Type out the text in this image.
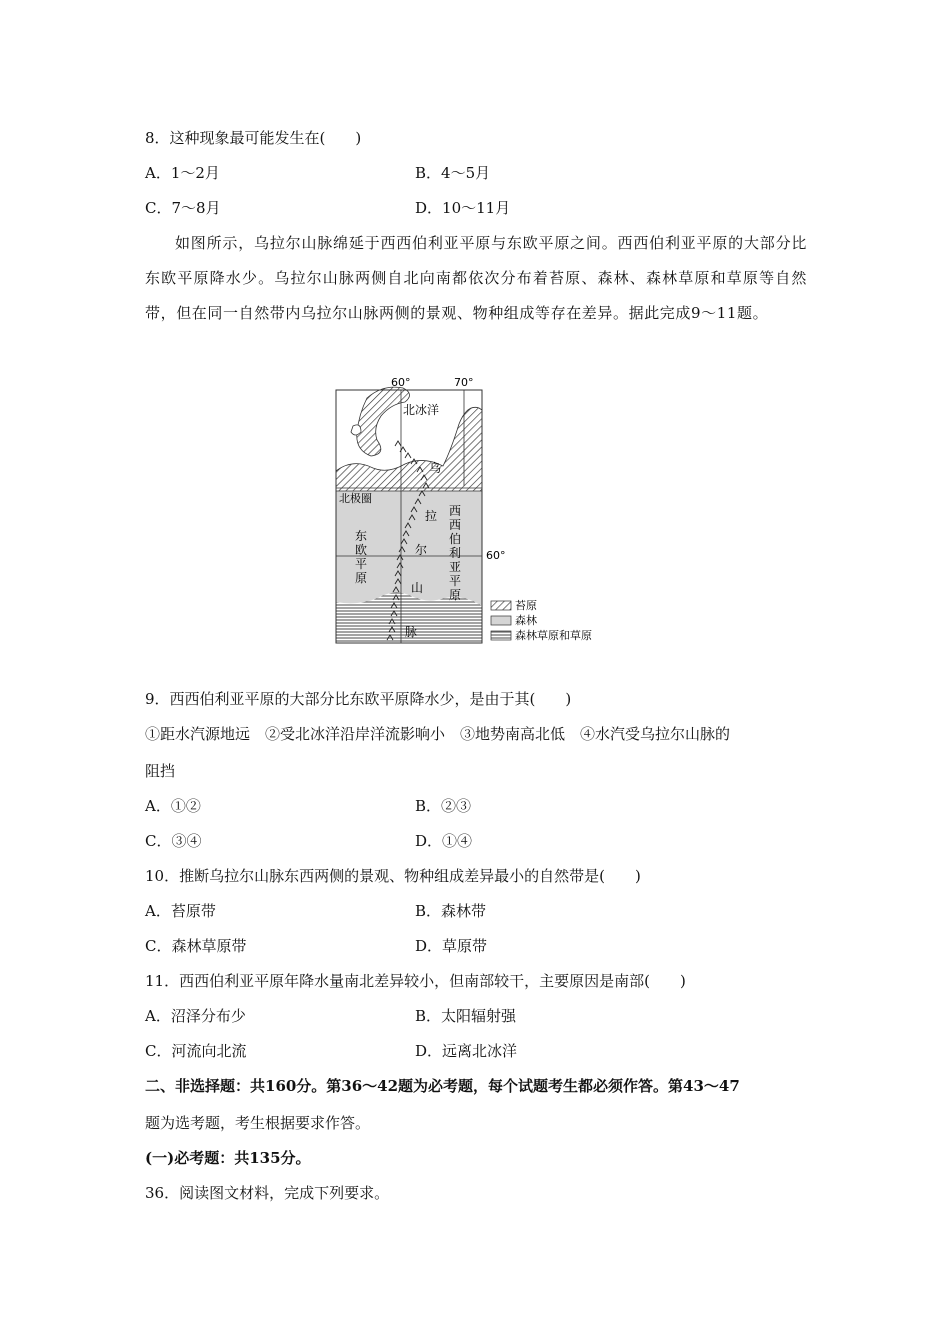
8．这种现象最可能发生在(　　)
A．1～2月	B．4～5月
C．7～8月	D．10～11月
如图所示，乌拉尔山脉绵延于西西伯利亚平原与东欧平原之间。西西伯利亚平原的大部分比东欧平原降水少。乌拉尔山脉两侧自北向南都依次分布着苔原、森林、森林草原和草原等自然带，但在同一自然带内乌拉尔山脉两侧的景观、物种组成等存在差异。据此完成9～11题。
60°	70°
60°
北冰洋
北极圈
乌
拉
尔
山
脉
东
欧
平
原
西
西
伯
利
亚
平
原
苔原
森林
森林草原和草原
9．西西伯利亚平原的大部分比东欧平原降水少，是由于其(　　)
①距水汽源地远　②受北冰洋沿岸洋流影响小　③地势南高北低　④水汽受乌拉尔山脉的
阻挡
A．①②	B．②③
C．③④	D．①④
10．推断乌拉尔山脉东西两侧的景观、物种组成差异最小的自然带是(　　)
A．苔原带	B．森林带
C．森林草原带	D．草原带
11．西西伯利亚平原年降水量南北差异较小，但南部较干，主要原因是南部(　　)
A．沼泽分布少	B．太阳辐射强
C．河流向北流	D．远离北冰洋
二、非选择题：共160分。第36～42题为必考题，每个试题考生都必须作答。第43～47
题为选考题，考生根据要求作答。
(一)必考题：共135分。
36．阅读图文材料，完成下列要求。
